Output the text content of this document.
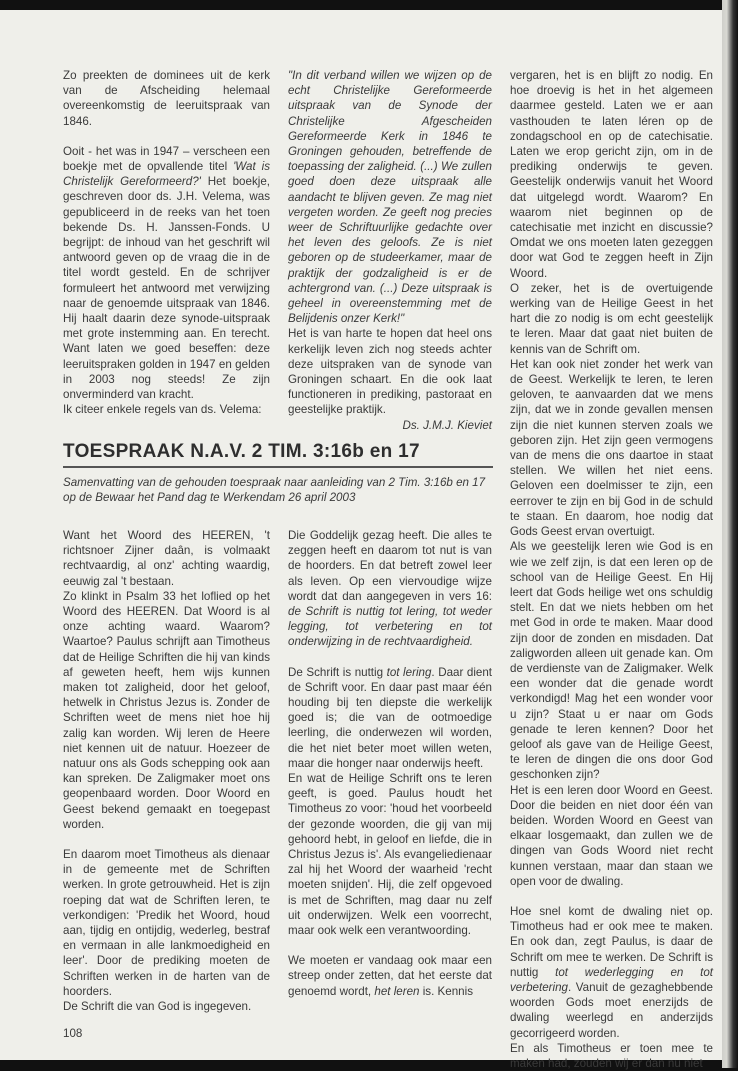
Zo preekten de dominees uit de kerk van de Afscheiding helemaal overeenkomstig de leeruitspraak van 1846.

Ooit - het was in 1947 – verscheen een boekje met de opvallende titel 'Wat is Christelijk Gereformeerd?' Het boekje, geschreven door ds. J.H. Velema, was gepubliceerd in de reeks van het toen bekende Ds. H. Janssen-Fonds. U begrijpt: de inhoud van het geschrift wil antwoord geven op de vraag die in de titel wordt gesteld. En de schrijver formuleert het antwoord met verwijzing naar de genoemde uitspraak van 1846. Hij haalt daarin deze synode-uitspraak met grote instemming aan. En terecht. Want laten we goed beseffen: deze leeruitspraken golden in 1947 en gelden in 2003 nog steeds! Ze zijn onverminderd van kracht.

Ik citeer enkele regels van ds. Velema:

"In dit verband willen we wijzen op de echt Christelijke Gereformeerde uitspraak van de Synode der Christelijke Afgescheiden Gereformeerde Kerk in 1846 te Groningen gehouden, betreffende de toepassing der zaligheid. (...) We zullen goed doen deze uitspraak alle aandacht te blijven geven. Ze mag niet vergeten worden. Ze geeft nog precies weer de Schriftuurlijke gedachte over het leven des geloofs. Ze is niet geboren op de studeerkamer, maar de praktijk der godzaligheid is er de achtergrond van. (...) Deze uitspraak is geheel in overeenstemming met de Belijdenis onzer Kerk!"

Het is van harte te hopen dat heel ons kerkelijk leven zich nog steeds achter deze uitspraken van de synode van Groningen schaart. En die ook laat functioneren in prediking, pastoraat en geestelijke praktijk.

Ds. J.M.J. Kieviet

TOESPRAAK N.A.V. 2 TIM. 3:16b en 17
Samenvatting van de gehouden toespraak naar aanleiding van 2 Tim. 3:16b en 17 op de Bewaar het Pand dag te Werkendam 26 april 2003

Want het Woord des HEEREN, 't richtsnoer Zijner daân, is volmaakt rechtvaardig, al onz' achting waardig, eeuwig zal 't bestaan.

Zo klinkt in Psalm 33 het loflied op het Woord des HEEREN. Dat Woord is al onze achting waard. Waarom? Waartoe? Paulus schrijft aan Timotheus dat de Heilige Schriften die hij van kinds af geweten heeft, hem wijs kunnen maken tot zaligheid, door het geloof, hetwelk in Christus Jezus is. Zonder de Schriften weet de mens niet hoe hij zalig kan worden. Wij leren de Heere niet kennen uit de natuur. Hoezeer de natuur ons als Gods schepping ook aan kan spreken. De Zaligmaker moet ons geopenbaard worden. Door Woord en Geest bekend gemaakt en toegepast worden.

En daarom moet Timotheus als dienaar in de gemeente met de Schriften werken. In grote getrouwheid. Het is zijn roeping dat wat de Schriften leren, te verkondigen: 'Predik het Woord, houd aan, tijdig en ontijdig, wederleg, bestraf en vermaan in alle lankmoedigheid en leer'. Door de prediking moeten de Schriften werken in de harten van de hoorders.

De Schrift die van God is ingegeven.

Die Goddelijk gezag heeft. Die alles te zeggen heeft en daarom tot nut is van de hoorders. En dat betreft zowel leer als leven. Op een viervoudige wijze wordt dat dan aangegeven in vers 16: de Schrift is nuttig tot lering, tot weder legging, tot verbetering en tot onderwijzing in de rechtvaardigheid.

De Schrift is nuttig tot lering. Daar dient de Schrift voor. En daar past maar één houding bij ten diepste die werkelijk goed is; die van de ootmoedige leerling, die onderwezen wil worden, die het niet beter moet willen weten, maar die honger naar onderwijs heeft.

En wat de Heilige Schrift ons te leren geeft, is goed. Paulus houdt het Timotheus zo voor: 'houd het voorbeeld der gezonde woorden, die gij van mij gehoord hebt, in geloof en liefde, die in Christus Jezus is'. Als evangeliedienaar zal hij het Woord der waarheid 'recht moeten snijden'. Hij, die zelf opgevoed is met de Schriften, mag daar nu zelf uit onderwijzen. Welk een voorrecht, maar ook welk een verantwoording.

We moeten er vandaag ook maar een streep onder zetten, dat het eerste dat genoemd wordt, het leren is. Kennis

vergaren, het is en blijft zo nodig. En hoe droevig is het in het algemeen daarmee gesteld. Laten we er aan vasthouden te laten léren op de zondagschool en op de catechisatie. Laten we erop gericht zijn, om in de prediking onderwijs te geven. Geestelijk onderwijs vanuit het Woord dat uitgelegd wordt. Waarom? En waarom niet beginnen op de catechisatie met inzicht en discussie? Omdat we ons moeten laten gezeggen door wat God te zeggen heeft in Zijn Woord.

O zeker, het is de overtuigende werking van de Heilige Geest in het hart die zo nodig is om echt geestelijk te leren. Maar dat gaat niet buiten de kennis van de Schrift om.

Het kan ook niet zonder het werk van de Geest. Werkelijk te leren, te leren geloven, te aanvaarden dat we mens zijn, dat we in zonde gevallen mensen zijn die niet kunnen sterven zoals we geboren zijn. Het zijn geen vermogens van de mens die ons daartoe in staat stellen. We willen het niet eens. Geloven een doelmisser te zijn, een eerrover te zijn en bij God in de schuld te staan. En daarom, hoe nodig dat Gods Geest ervan overtuigt.

Als we geestelijk leren wie God is en wie we zelf zijn, is dat een leren op de school van de Heilige Geest. En Hij leert dat Gods heilige wet ons schuldig stelt. En dat we niets hebben om het met God in orde te maken. Maar dood zijn door de zonden en misdaden. Dat zaligworden alleen uit genade kan. Om de verdienste van de Zaligmaker. Welk een wonder dat die genade wordt verkondigd! Mag het een wonder voor u zijn? Staat u er naar om Gods genade te leren kennen? Door het geloof als gave van de Heilige Geest, te leren de dingen die ons door God geschonken zijn?

Het is een leren door Woord en Geest. Door die beiden en niet door één van beiden. Worden Woord en Geest van elkaar losgemaakt, dan zullen we de dingen van Gods Woord niet recht kunnen verstaan, maar dan staan we open voor de dwaling.

Hoe snel komt de dwaling niet op. Timotheus had er ook mee te maken. En ook dan, zegt Paulus, is daar de Schrift om mee te werken. De Schrift is nuttig tot wederlegging en tot verbetering. Vanuit de gezaghebbende woorden Gods moet enerzijds de dwaling weerlegd en anderzijds gecorrigeerd worden.

En als Timotheus er toen mee te maken had, zouden wij er dan nu niet

108
